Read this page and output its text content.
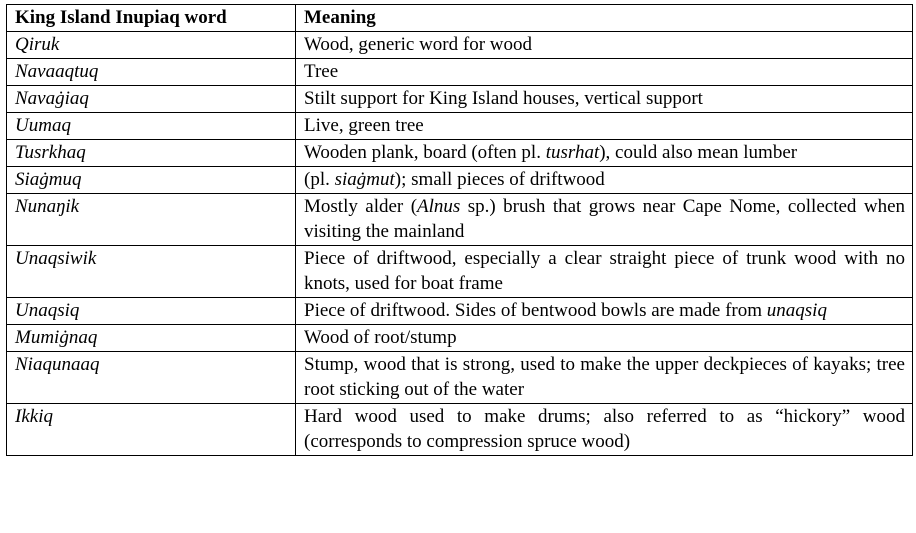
King Island Inupiaq word	Meaning
Qiruk	Wood, generic word for wood
Navaaqtuq	Tree
Navaġiaq	Stilt support for King Island houses, vertical support
Uumaq	Live, green tree
Tusrkhaq	Wooden plank, board (often pl. tusrhat), could also mean lumber
Siaġmuq	(pl. siaġmut); small pieces of driftwood
Nunaŋik	Mostly alder (Alnus sp.) brush that grows near Cape Nome, collected when visiting the mainland
Unaqsiwik	Piece of driftwood, especially a clear straight piece of trunk wood with no knots, used for boat frame
Unaqsiq	Piece of driftwood. Sides of bentwood bowls are made from unaqsiq
Mumiġnaq	Wood of root/stump
Niaqunaaq	Stump, wood that is strong, used to make the upper deckpieces of kayaks; tree root sticking out of the water
Ikkiq	Hard wood used to make drums; also referred to as “hickory” wood (corresponds to compression spruce wood)
